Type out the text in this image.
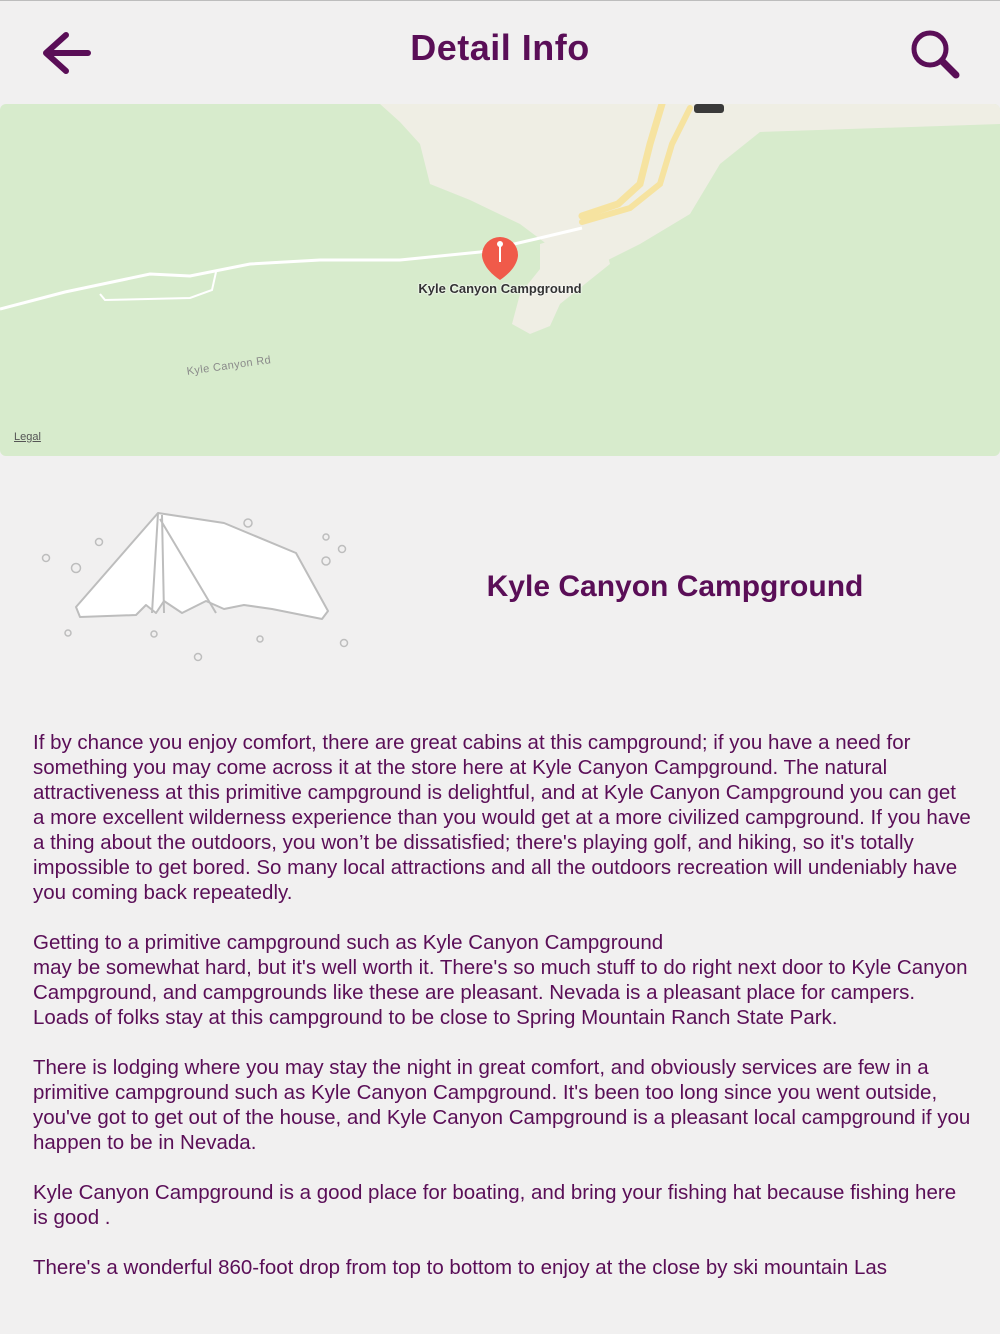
Detail Info
Kyle Canyon Rd
Kyle Canyon Campground
Legal
Kyle Canyon Campground

If by chance you enjoy comfort, there are great cabins at this campground; if you have a need for something you may come across it at the store here at Kyle Canyon Campground. The natural attractiveness at this primitive campground is delightful, and at Kyle Canyon Campground you can get a more excellent wilderness experience than you would get at a more civilized campground. If you have a thing about the outdoors, you won’t be dissatisfied; there's playing golf, and hiking, so it's totally impossible to get bored. So many local attractions and all the outdoors recreation will undeniably have you coming back repeatedly.

Getting to a primitive campground such as Kyle Canyon Campground
may be somewhat hard, but it's well worth it. There's so much stuff to do right next door to Kyle Canyon Campground, and campgrounds like these are pleasant. Nevada is a pleasant place for campers.
Loads of folks stay at this campground to be close to Spring Mountain Ranch State Park.

There is lodging where you may stay the night in great comfort, and obviously services are few in a primitive campground such as Kyle Canyon Campground. It's been too long since you went outside, you've got to get out of the house, and Kyle Canyon Campground is a pleasant local campground if you happen to be in Nevada.

Kyle Canyon Campground is a good place for boating, and bring your fishing hat because fishing here is good .

There's a wonderful 860-foot drop from top to bottom to enjoy at the close by ski mountain Las
